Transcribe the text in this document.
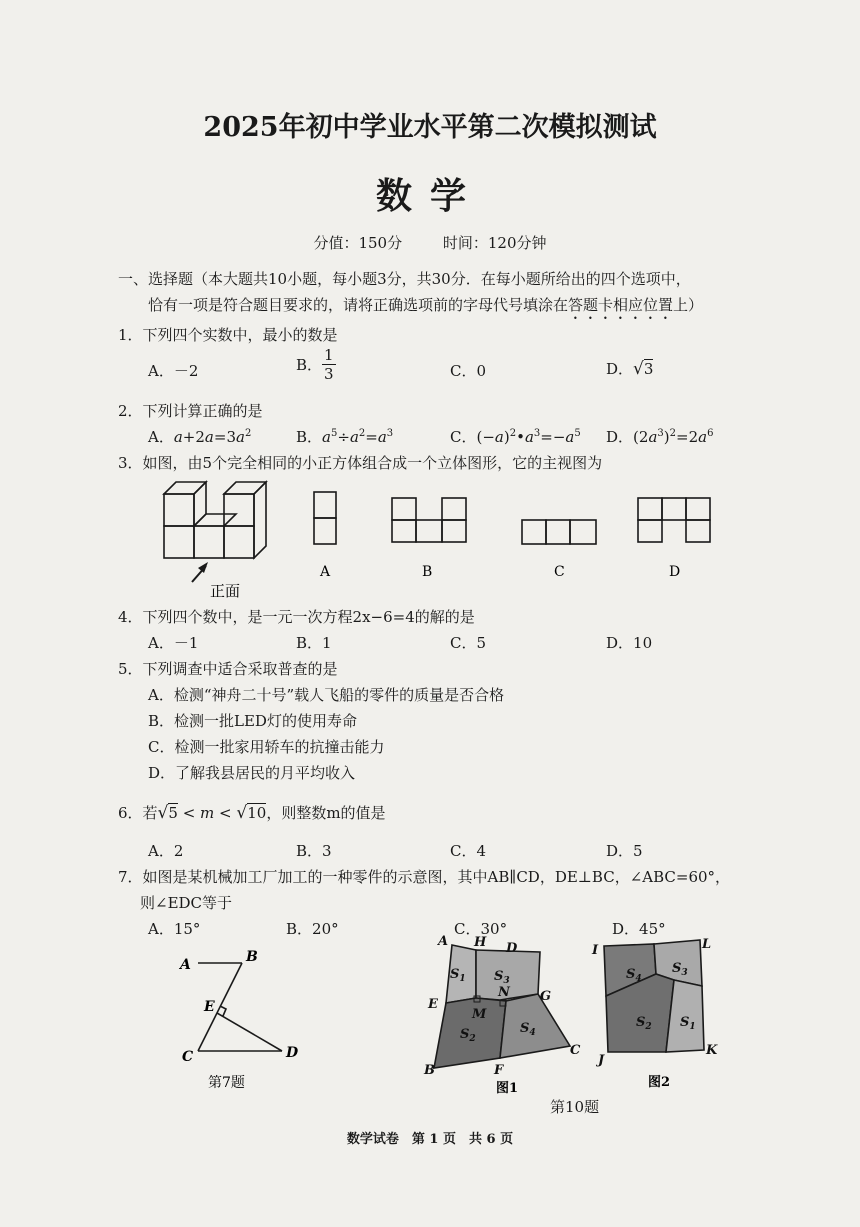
2025年初中学业水平第二次模拟测试
数学
分值：150分	时间：120分钟
一、选择题（本大题共10小题，每小题3分，共30分．在每小题所给出的四个选项中，
恰有一项是符合题目要求的，请将正确选项前的字母代号填涂在答题卡相应位置上）
1．下列四个实数中，最小的数是
A．－2	B． $\frac{1}{3}$	C．0	D．√3
2．下列计算正确的是
A．$a+2a=3a^2$	B．$a^5\div a^2=a^3$	C．$(-a)^2•a^3=-a^5$ D．$(2a^3)^2=2a^6$
3．如图，由5个完全相同的小正方体组合成一个立体图形，它的主视图为
正面
A	B	C	D
4．下列四个数中，是一元一次方程2x−6=4的解的是
A．－1	B．1	C．5	D．10
5．下列调查中适合采取普查的是
A．检测“神舟二十号”载人飞船的零件的质量是否合格
B．检测一批LED灯的使用寿命
C．检测一批家用轿车的抗撞击能力
D．了解我县居民的月平均收入
6．若√5 < m < √10，则整数m的值是
A．2	B．3	C．4	D．5
7．如图是某机械加工厂加工的一种零件的示意图，其中AB∥CD，DE⊥BC，∠ABC=60°，
则∠EDC等于
A．15°	B．20°	C．30°	D．45°
A	B
E
C	D
第7题
A H D
$S_1$ $S_3$
N G
E
M
$S_2$
$S_4$
C
B	F
图1
I	L
$S_4$
$S_3$
$S_2$ $S_1$
J
K
图2
第10题
数学试卷　第 1 页　共 6 页
